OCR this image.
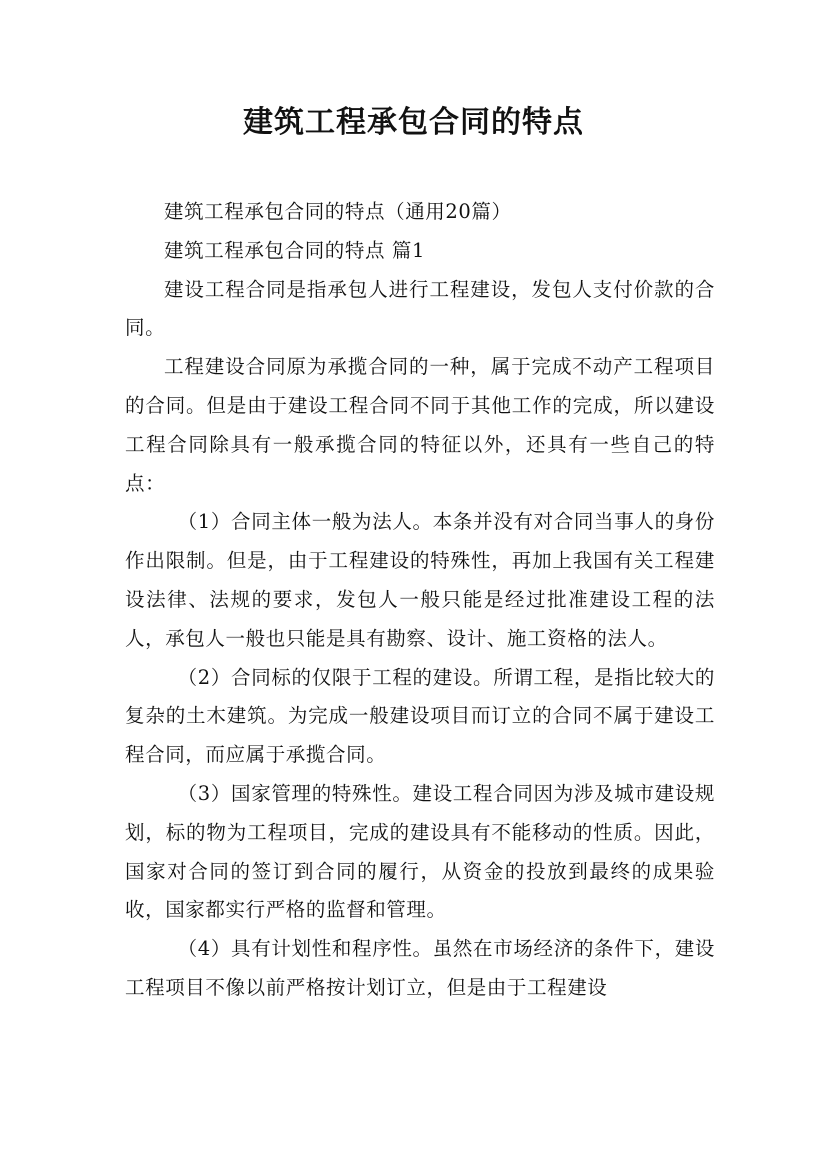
建筑工程承包合同的特点

建筑工程承包合同的特点（通用20篇）

建筑工程承包合同的特点 篇1

建设工程合同是指承包人进行工程建设，发包人支付价款的合同。

工程建设合同原为承揽合同的一种，属于完成不动产工程项目的合同。但是由于建设工程合同不同于其他工作的完成，所以建设工程合同除具有一般承揽合同的特征以外，还具有一些自己的特点：

（1）合同主体一般为法人。本条并没有对合同当事人的身份作出限制。但是，由于工程建设的特殊性，再加上我国有关工程建设法律、法规的要求，发包人一般只能是经过批准建设工程的法人，承包人一般也只能是具有勘察、设计、施工资格的法人。

（2）合同标的仅限于工程的建设。所谓工程，是指比较大的复杂的土木建筑。为完成一般建设项目而订立的合同不属于建设工程合同，而应属于承揽合同。

（3）国家管理的特殊性。建设工程合同因为涉及城市建设规划，标的物为工程项目，完成的建设具有不能移动的性质。因此，国家对合同的签订到合同的履行，从资金的投放到最终的成果验收，国家都实行严格的监督和管理。

（4）具有计划性和程序性。虽然在市场经济的条件下，建设工程项目不像以前严格按计划订立，但是由于工程建设
